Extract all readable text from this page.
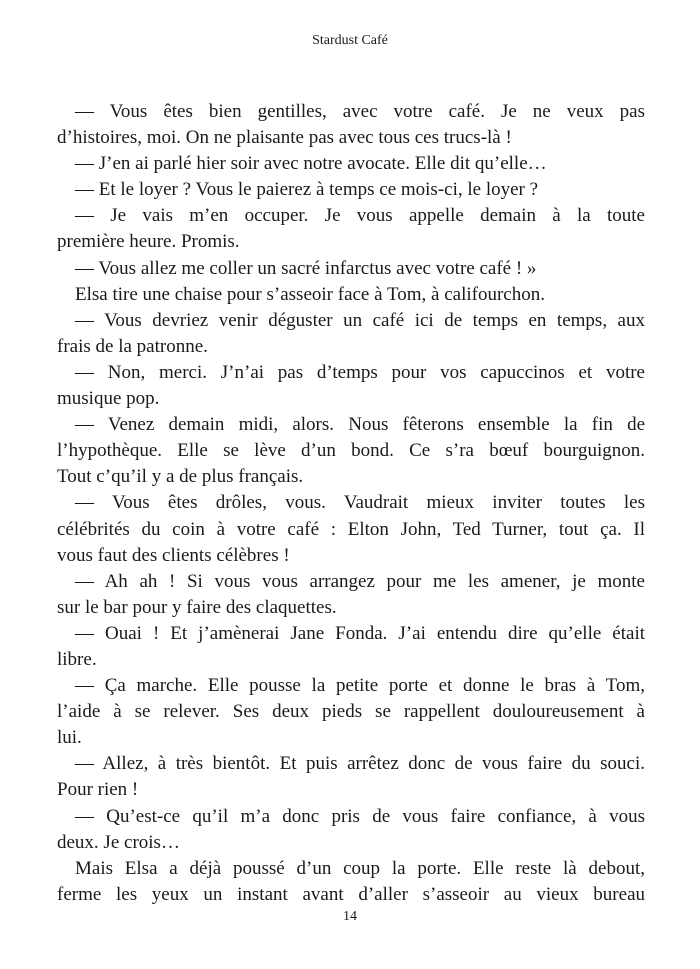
Stardust Café
— Vous êtes bien gentilles, avec votre café. Je ne veux pas
d’histoires, moi. On ne plaisante pas avec tous ces trucs-là !
— J’en ai parlé hier soir avec notre avocate. Elle dit qu’elle…
— Et le loyer ? Vous le paierez à temps ce mois-ci, le loyer ?
— Je vais m’en occuper. Je vous appelle demain à la toute
première heure. Promis.
— Vous allez me coller un sacré infarctus avec votre café ! »
Elsa tire une chaise pour s’asseoir face à Tom, à califourchon.
— Vous devriez venir déguster un café ici de temps en temps, aux
frais de la patronne.
— Non, merci. J’n’ai pas d’temps pour vos capuccinos et votre
musique pop.
— Venez demain midi, alors. Nous fêterons ensemble la fin de
l’hypothèque. Elle se lève d’un bond. Ce s’ra bœuf bourguignon.
Tout c’qu’il y a de plus français.
— Vous êtes drôles, vous. Vaudrait mieux inviter toutes les
célébrités du coin à votre café : Elton John, Ted Turner, tout ça. Il
vous faut des clients célèbres !
— Ah ah ! Si vous vous arrangez pour me les amener, je monte
sur le bar pour y faire des claquettes.
— Ouai ! Et j’amènerai Jane Fonda. J’ai entendu dire qu’elle était
libre.
— Ça marche. Elle pousse la petite porte et donne le bras à Tom,
l’aide à se relever. Ses deux pieds se rappellent douloureusement à
lui.
— Allez, à très bientôt. Et puis arrêtez donc de vous faire du souci.
Pour rien !
— Qu’est-ce qu’il m’a donc pris de vous faire confiance, à vous
deux. Je crois…
Mais Elsa a déjà poussé d’un coup la porte. Elle reste là debout,
ferme les yeux un instant avant d’aller s’asseoir au vieux bureau
14
